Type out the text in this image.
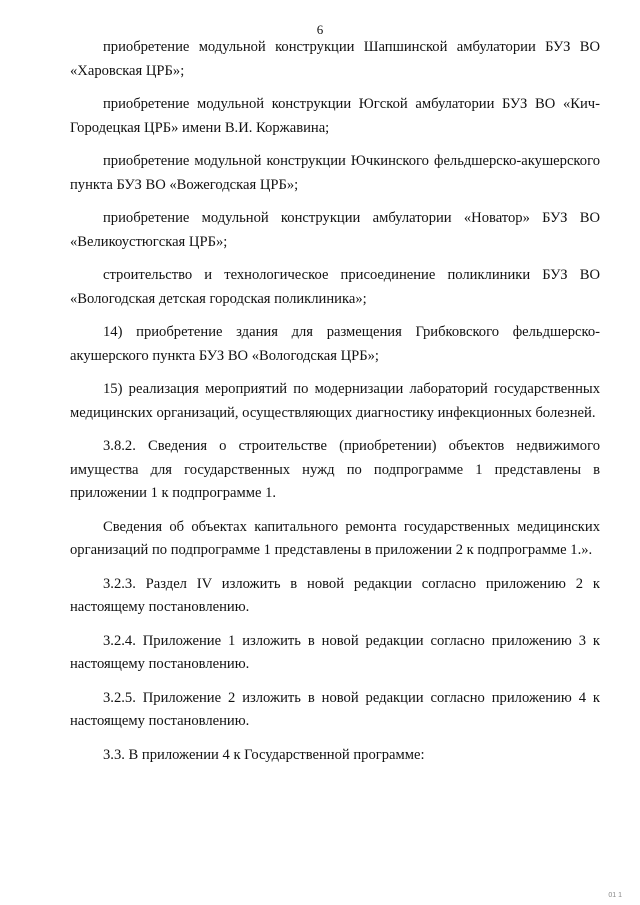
6

приобретение модульной конструкции Шапшинской амбулатории БУЗ ВО «Харовская ЦРБ»;

приобретение модульной конструкции Югской амбулатории БУЗ ВО «Кич-Городецкая ЦРБ» имени В.И. Коржавина;

приобретение модульной конструкции Ючкинского фельдшерско-акушерского пункта БУЗ ВО «Вожегодская ЦРБ»;

приобретение модульной конструкции амбулатории «Новатор» БУЗ ВО «Великоустюгская ЦРБ»;

строительство и технологическое присоединение поликлиники БУЗ ВО «Вологодская детская городская поликлиника»;

14) приобретение здания для размещения Грибковского фельдшерско-акушерского пункта БУЗ ВО «Вологодская ЦРБ»;

15) реализация мероприятий по модернизации лабораторий государственных медицинских организаций, осуществляющих диагностику инфекционных болезней.

3.8.2. Сведения о строительстве (приобретении) объектов недвижимого имущества для государственных нужд по подпрограмме 1 представлены в приложении 1 к подпрограмме 1.

Сведения об объектах капитального ремонта государственных медицинских организаций по подпрограмме 1 представлены в приложении 2 к подпрограмме 1.».

3.2.3. Раздел IV изложить в новой редакции согласно приложению 2 к настоящему постановлению.

3.2.4. Приложение 1 изложить в новой редакции согласно приложению 3 к настоящему постановлению.

3.2.5. Приложение 2 изложить в новой редакции согласно приложению 4 к настоящему постановлению.

3.3. В приложении 4 к Государственной программе:

01 1
